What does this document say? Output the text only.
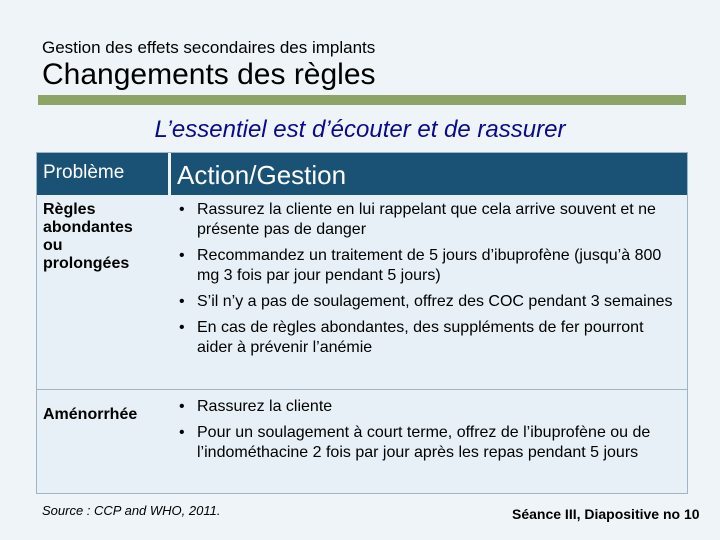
Gestion des effets secondaires des implants
Changements des règles
L’essentiel est d’écouter et de rassurer
Problème Action/Gestion
Règles
abondantes
ou
prolongées
• Rassurez la cliente en lui rappelant que cela arrive souvent et ne présente pas de danger
• Recommandez un traitement de 5 jours d’ibuprofène (jusqu’à 800 mg 3 fois par jour pendant 5 jours)
• S’il n’y a pas de soulagement, offrez des COC pendant 3 semaines
• En cas de règles abondantes, des suppléments de fer pourront aider à prévenir l’anémie
Aménorrhée	• Rassurez la cliente
• Pour un soulagement à court terme, offrez de l’ibuprofène ou de l’indométhacine 2 fois par jour après les repas pendant 5 jours
Source : CCP and WHO, 2011.	Séance III, Diapositive no 10
